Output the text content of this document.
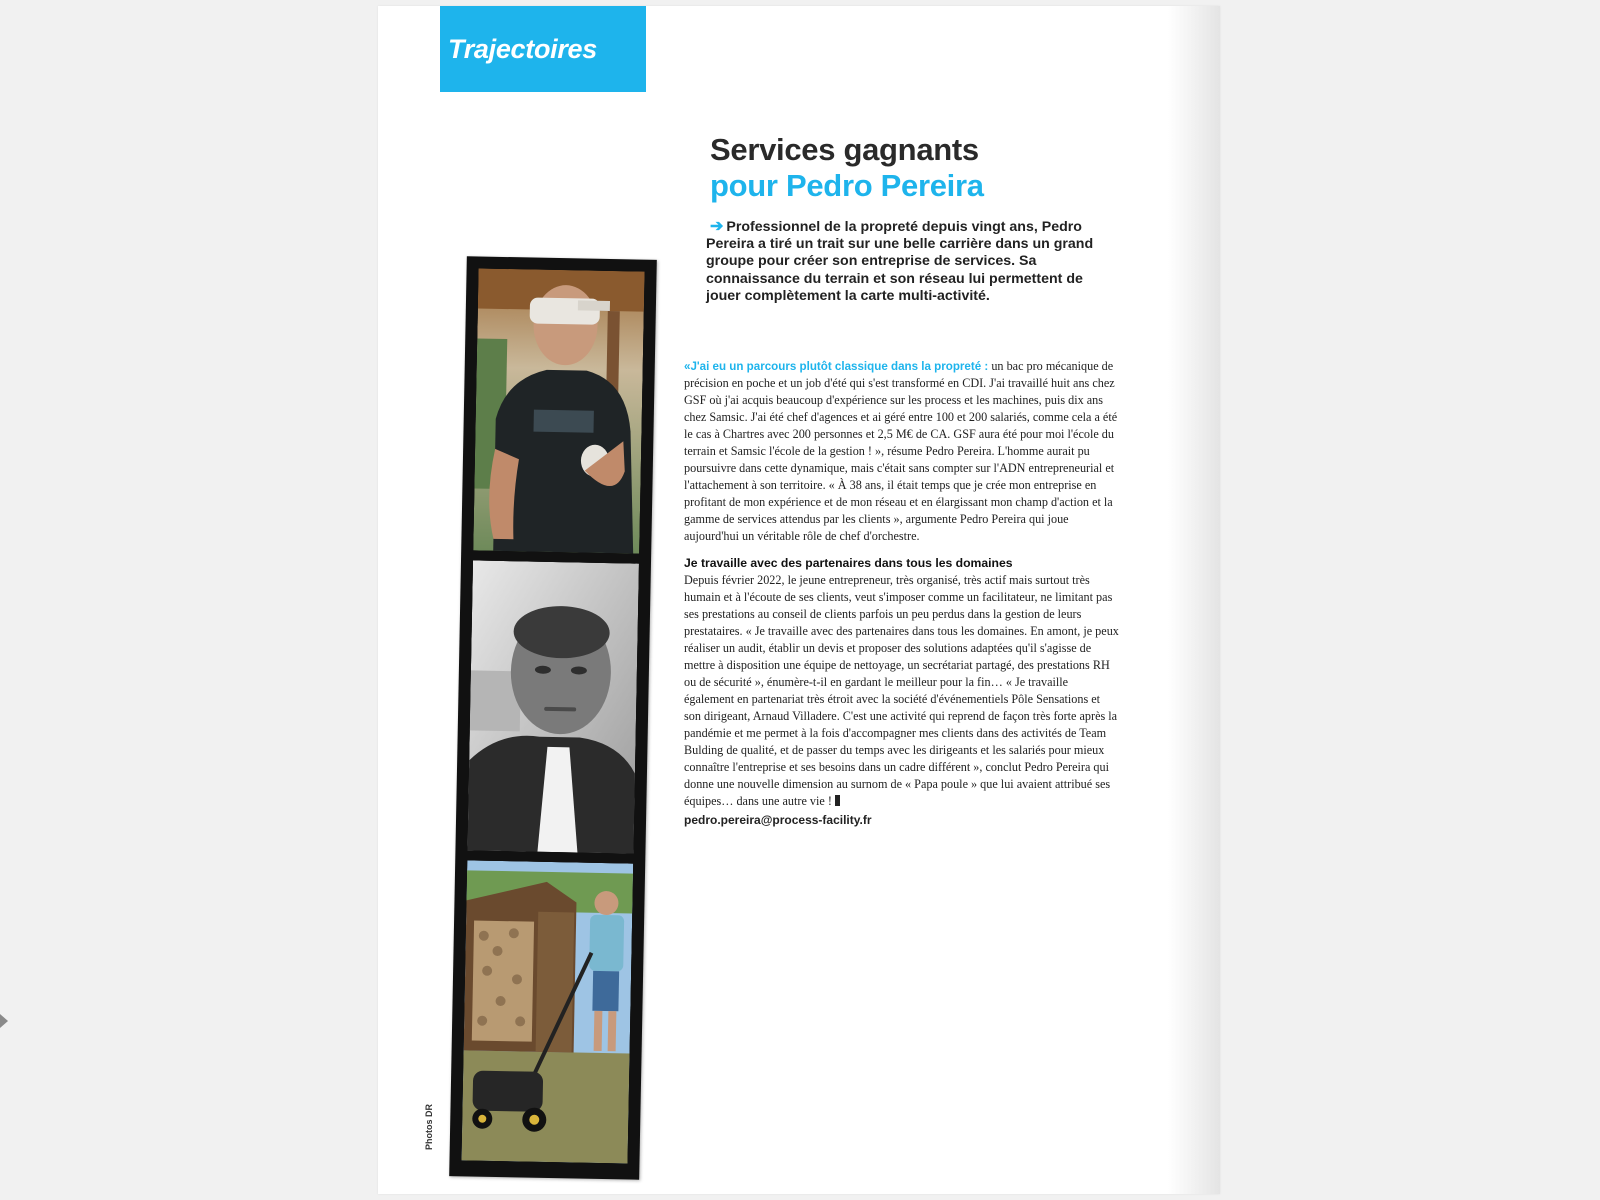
Trajectoires
Services gagnants
pour Pedro Pereira
➔ Professionnel de la propreté depuis vingt ans, Pedro Pereira a tiré un trait sur une belle carrière dans un grand groupe pour créer son entreprise de services. Sa connaissance du terrain et son réseau lui permettent de jouer complètement la carte multi-activité.

«J'ai eu un parcours plutôt classique dans la propreté : un bac pro mécanique de précision en poche et un job d'été qui s'est transformé en CDI. J'ai travaillé huit ans chez GSF où j'ai acquis beaucoup d'expérience sur les process et les machines, puis dix ans chez Samsic. J'ai été chef d'agences et ai géré entre 100 et 200 salariés, comme cela a été le cas à Chartres avec 200 personnes et 2,5 M€ de CA. GSF aura été pour moi l'école du terrain et Samsic l'école de la gestion ! », résume Pedro Pereira. L'homme aurait pu poursuivre dans cette dynamique, mais c'était sans compter sur l'ADN entrepreneurial et l'attachement à son territoire. « À 38 ans, il était temps que je crée mon entreprise en profitant de mon expérience et de mon réseau et en élargissant mon champ d'action et la gamme de services attendus par les clients », argumente Pedro Pereira qui joue aujourd'hui un véritable rôle de chef d'orchestre.

Je travaille avec des partenaires dans tous les domaines

Depuis février 2022, le jeune entrepreneur, très organisé, très actif mais surtout très humain et à l'écoute de ses clients, veut s'imposer comme un facilitateur, ne limitant pas ses prestations au conseil de clients parfois un peu perdus dans la gestion de leurs prestataires. « Je travaille avec des partenaires dans tous les domaines. En amont, je peux réaliser un audit, établir un devis et proposer des solutions adaptées qu'il s'agisse de mettre à disposition une équipe de nettoyage, un secrétariat partagé, des prestations RH ou de sécurité », énumère-t-il en gardant le meilleur pour la fin… « Je travaille également en partenariat très étroit avec la société d'événementiels Pôle Sensations et son dirigeant, Arnaud Villadere. C'est une activité qui reprend de façon très forte après la pandémie et me permet à la fois d'accompagner mes clients dans des activités de Team Bulding de qualité, et de passer du temps avec les dirigeants et les salariés pour mieux connaître l'entreprise et ses besoins dans un cadre différent », conclut Pedro Pereira qui donne une nouvelle dimension au surnom de « Papa poule » que lui avaient attribué ses équipes… dans une autre vie !

pedro.pereira@process-facility.fr
Photos DR
